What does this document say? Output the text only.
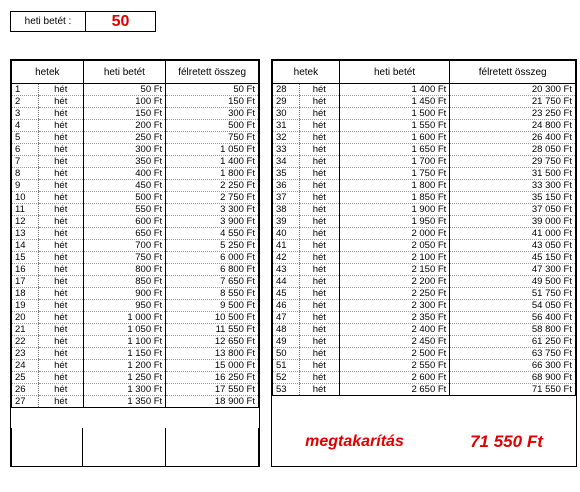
heti betét :	50
hetek		heti betét	félretett összeg
1	hét	50 Ft	50 Ft
2	hét	100 Ft	150 Ft
3	hét	150 Ft	300 Ft
4	hét	200 Ft	500 Ft
5	hét	250 Ft	750 Ft
6	hét	300 Ft	1 050 Ft
7	hét	350 Ft	1 400 Ft
8	hét	400 Ft	1 800 Ft
9	hét	450 Ft	2 250 Ft
10	hét	500 Ft	2 750 Ft
11	hét	550 Ft	3 300 Ft
12	hét	600 Ft	3 900 Ft
13	hét	650 Ft	4 550 Ft
14	hét	700 Ft	5 250 Ft
15	hét	750 Ft	6 000 Ft
16	hét	800 Ft	6 800 Ft
17	hét	850 Ft	7 650 Ft
18	hét	900 Ft	8 550 Ft
19	hét	950 Ft	9 500 Ft
20	hét	1 000 Ft	10 500 Ft
21	hét	1 050 Ft	11 550 Ft
22	hét	1 100 Ft	12 650 Ft
23	hét	1 150 Ft	13 800 Ft
24	hét	1 200 Ft	15 000 Ft
25	hét	1 250 Ft	16 250 Ft
26	hét	1 300 Ft	17 550 Ft
27	hét	1 350 Ft	18 900 Ft
hetek		heti betét	félretett összeg
28	hét	1 400 Ft	20 300 Ft
29	hét	1 450 Ft	21 750 Ft
30	hét	1 500 Ft	23 250 Ft
31	hét	1 550 Ft	24 800 Ft
32	hét	1 600 Ft	26 400 Ft
33	hét	1 650 Ft	28 050 Ft
34	hét	1 700 Ft	29 750 Ft
35	hét	1 750 Ft	31 500 Ft
36	hét	1 800 Ft	33 300 Ft
37	hét	1 850 Ft	35 150 Ft
38	hét	1 900 Ft	37 050 Ft
39	hét	1 950 Ft	39 000 Ft
40	hét	2 000 Ft	41 000 Ft
41	hét	2 050 Ft	43 050 Ft
42	hét	2 100 Ft	45 150 Ft
43	hét	2 150 Ft	47 300 Ft
44	hét	2 200 Ft	49 500 Ft
45	hét	2 250 Ft	51 750 Ft
46	hét	2 300 Ft	54 050 Ft
47	hét	2 350 Ft	56 400 Ft
48	hét	2 400 Ft	58 800 Ft
49	hét	2 450 Ft	61 250 Ft
50	hét	2 500 Ft	63 750 Ft
51	hét	2 550 Ft	66 300 Ft
52	hét	2 600 Ft	68 900 Ft
53	hét	2 650 Ft	71 550 Ft
megtakarítás	71 550 Ft
